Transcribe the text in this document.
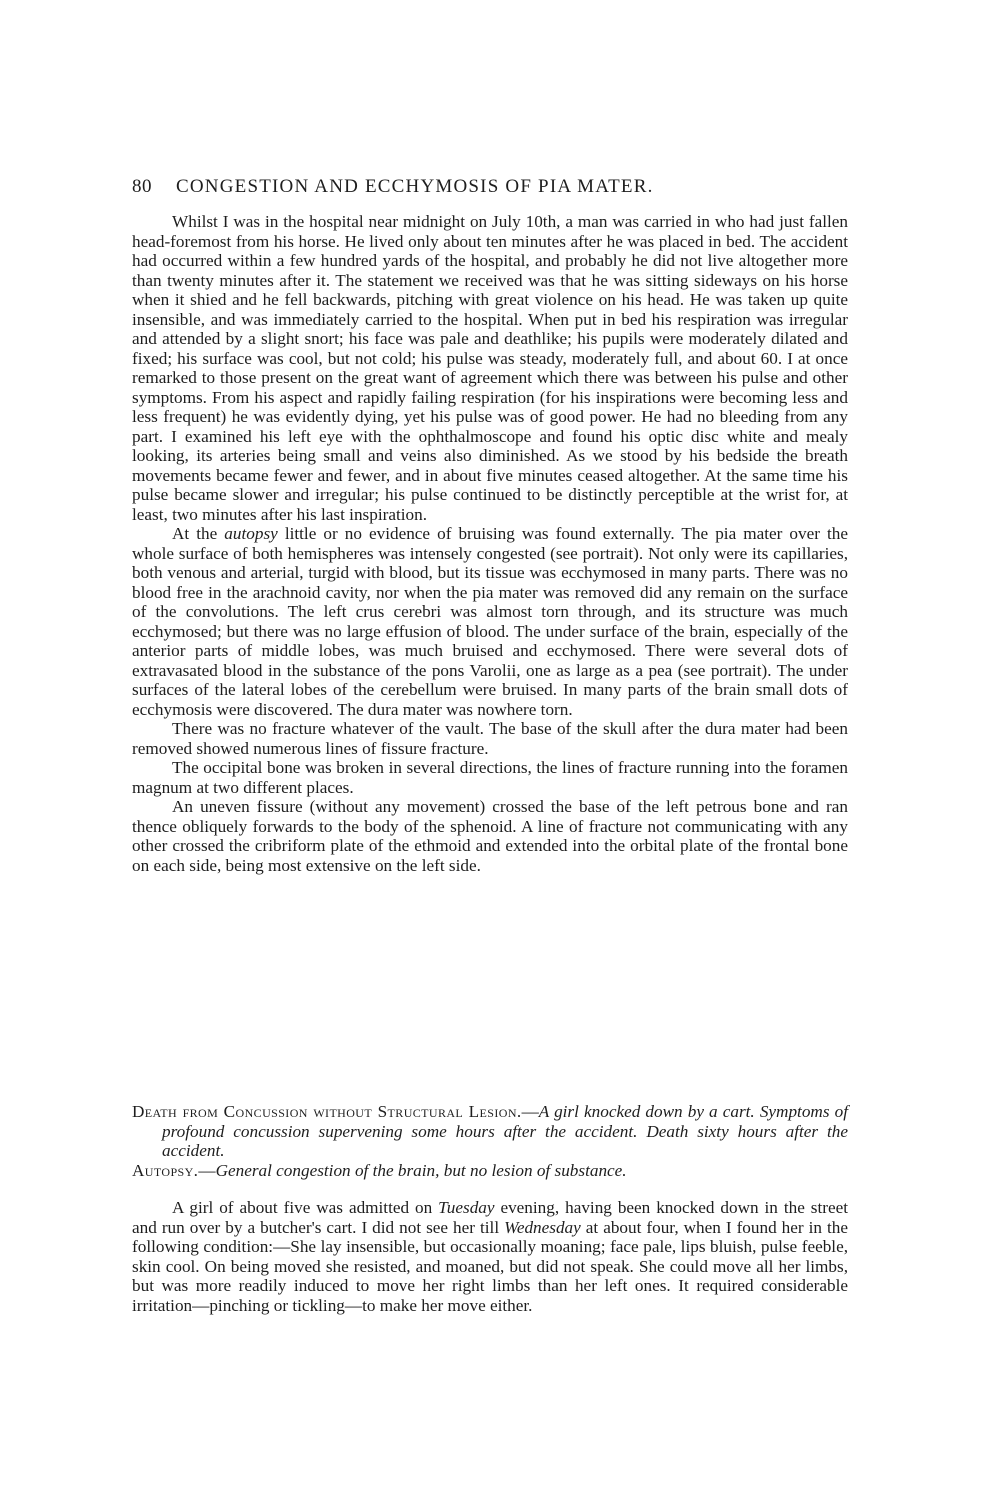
80 CONGESTION AND ECCHYMOSIS OF PIA MATER.

Whilst I was in the hospital near midnight on July 10th, a man was carried in who had just fallen head-foremost from his horse. He lived only about ten minutes after he was placed in bed. The accident had occurred within a few hundred yards of the hospital, and probably he did not live altogether more than twenty minutes after it. The statement we received was that he was sitting sideways on his horse when it shied and he fell backwards, pitching with great violence on his head. He was taken up quite insensible, and was immediately carried to the hospital. When put in bed his respiration was irregular and attended by a slight snort; his face was pale and deathlike; his pupils were moderately dilated and fixed; his surface was cool, but not cold; his pulse was steady, moderately full, and about 60. I at once remarked to those present on the great want of agreement which there was between his pulse and other symptoms. From his aspect and rapidly failing respiration (for his inspirations were becoming less and less frequent) he was evidently dying, yet his pulse was of good power. He had no bleeding from any part. I examined his left eye with the ophthalmoscope and found his optic disc white and mealy looking, its arteries being small and veins also diminished. As we stood by his bedside the breath movements became fewer and fewer, and in about five minutes ceased altogether. At the same time his pulse became slower and irregular; his pulse continued to be distinctly perceptible at the wrist for, at least, two minutes after his last inspiration.

At the autopsy little or no evidence of bruising was found externally. The pia mater over the whole surface of both hemispheres was intensely congested (see portrait). Not only were its capillaries, both venous and arterial, turgid with blood, but its tissue was ecchymosed in many parts. There was no blood free in the arachnoid cavity, nor when the pia mater was removed did any remain on the surface of the convolutions. The left crus cerebri was almost torn through, and its structure was much ecchymosed; but there was no large effusion of blood. The under surface of the brain, especially of the anterior parts of middle lobes, was much bruised and ecchymosed. There were several dots of extravasated blood in the substance of the pons Varolii, one as large as a pea (see portrait). The under surfaces of the lateral lobes of the cerebellum were bruised. In many parts of the brain small dots of ecchymosis were discovered. The dura mater was nowhere torn.

There was no fracture whatever of the vault. The base of the skull after the dura mater had been removed showed numerous lines of fissure fracture.

The occipital bone was broken in several directions, the lines of fracture running into the foramen magnum at two different places.

An uneven fissure (without any movement) crossed the base of the left petrous bone and ran thence obliquely forwards to the body of the sphenoid. A line of fracture not communicating with any other crossed the cribriform plate of the ethmoid and extended into the orbital plate of the frontal bone on each side, being most extensive on the left side.

Death from Concussion without Structural Lesion.—A girl knocked down by a cart. Symptoms of profound concussion supervening some hours after the accident. Death sixty hours after the accident.

Autopsy.—General congestion of the brain, but no lesion of substance.

A girl of about five was admitted on Tuesday evening, having been knocked down in the street and run over by a butcher's cart. I did not see her till Wednesday at about four, when I found her in the following condition:—She lay insensible, but occasionally moaning; face pale, lips bluish, pulse feeble, skin cool. On being moved she resisted, and moaned, but did not speak. She could move all her limbs, but was more readily induced to move her right limbs than her left ones. It required considerable irritation—pinching or tickling—to make her move either.
